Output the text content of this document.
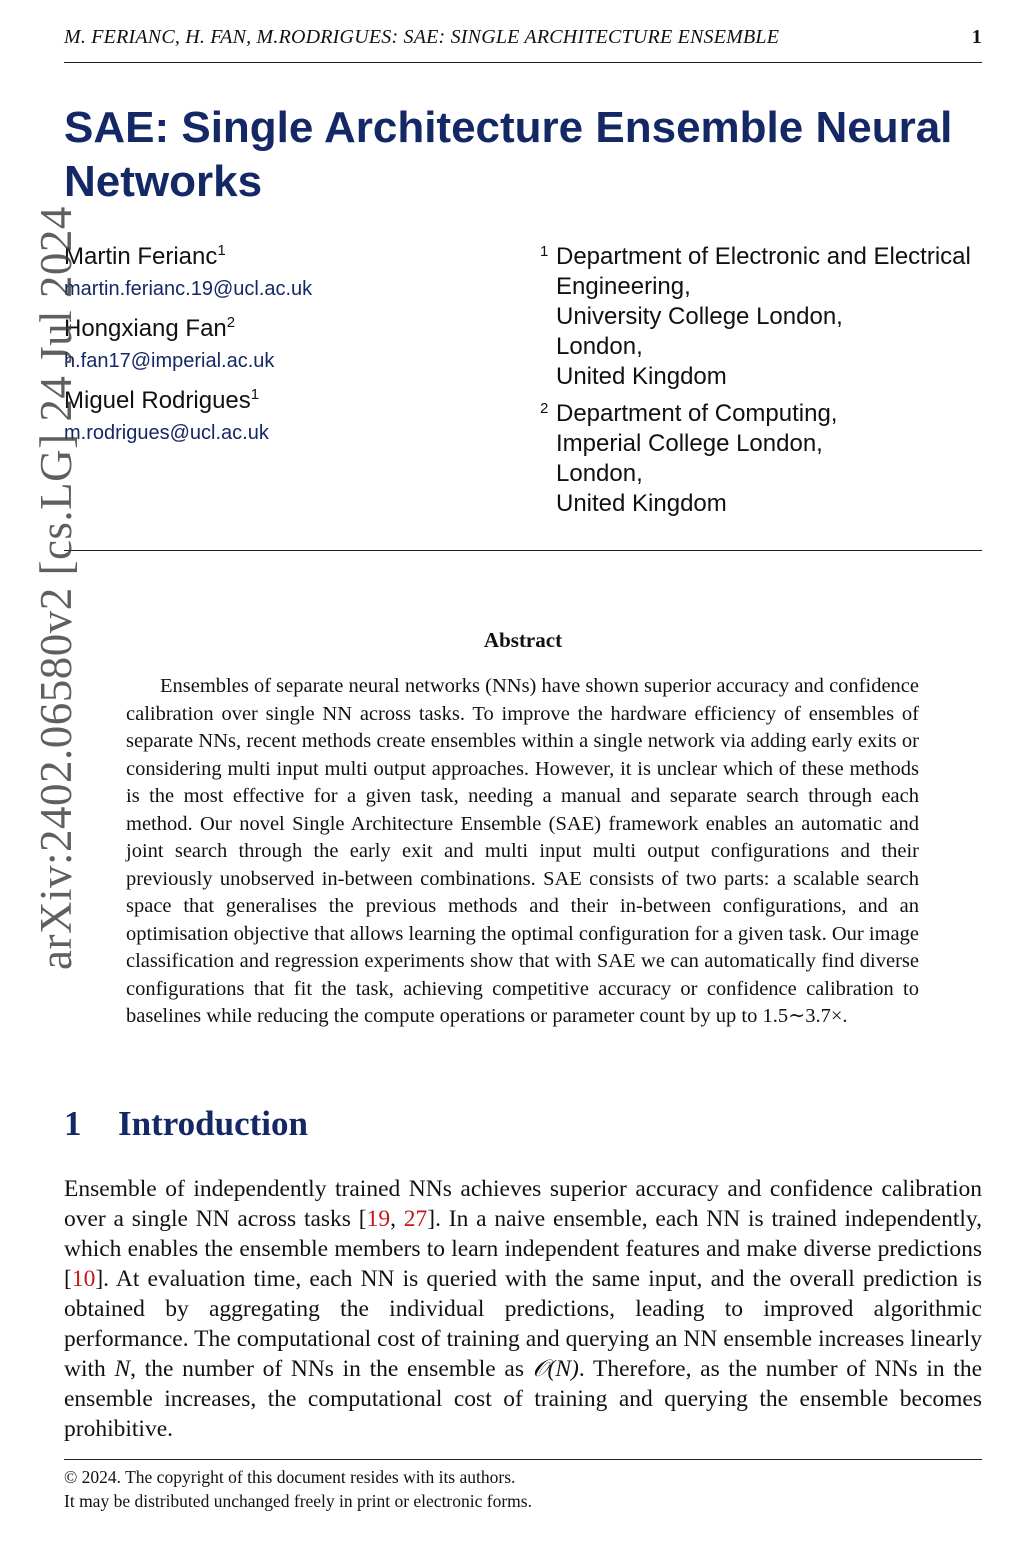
M. FERIANC, H. FAN, M.RODRIGUES: SAE: SINGLE ARCHITECTURE ENSEMBLE	1
SAE: Single Architecture Ensemble Neural Networks
Martin Ferianc$^1$
martin.ferianc.19@ucl.ac.uk
Hongxiang Fan$^2$
h.fan17@imperial.ac.uk
Miguel Rodrigues$^1$
m.rodrigues@ucl.ac.uk
1 Department of Electronic and Electrical
Engineering,
University College London,
London,
United Kingdom
2 Department of Computing,
Imperial College London,
London,
United Kingdom
Abstract
Ensembles of separate neural networks (NNs) have shown superior accuracy and confidence calibration over single NN across tasks. To improve the hardware efficiency of ensembles of separate NNs, recent methods create ensembles within a single network via adding early exits or considering multi input multi output approaches. However, it is unclear which of these methods is the most effective for a given task, needing a manual and separate search through each method. Our novel Single Architecture Ensemble (SAE) framework enables an automatic and joint search through the early exit and multi input multi output configurations and their previously unobserved in-between combinations. SAE consists of two parts: a scalable search space that generalises the previous methods and their in-between configurations, and an optimisation objective that allows learning the optimal configuration for a given task. Our image classification and regression experiments show that with SAE we can automatically find diverse configurations that fit the task, achieving competitive accuracy or confidence calibration to baselines while reducing the compute operations or parameter count by up to 1.5∼3.7×.
1 Introduction
Ensemble of independently trained NNs achieves superior accuracy and confidence calibration over a single NN across tasks [19, 27]. In a naive ensemble, each NN is trained independently, which enables the ensemble members to learn independent features and make diverse predictions [10]. At evaluation time, each NN is queried with the same input, and the overall prediction is obtained by aggregating the individual predictions, leading to improved algorithmic performance. The computational cost of training and querying an NN ensemble increases linearly with N, the number of NNs in the ensemble as 𝒪(N). Therefore, as the number of NNs in the ensemble increases, the computational cost of training and querying the ensemble becomes prohibitive.
© 2024. The copyright of this document resides with its authors.
It may be distributed unchanged freely in print or electronic forms.
arXiv:2402.06580v2 [cs.LG] 24 Jul 2024
